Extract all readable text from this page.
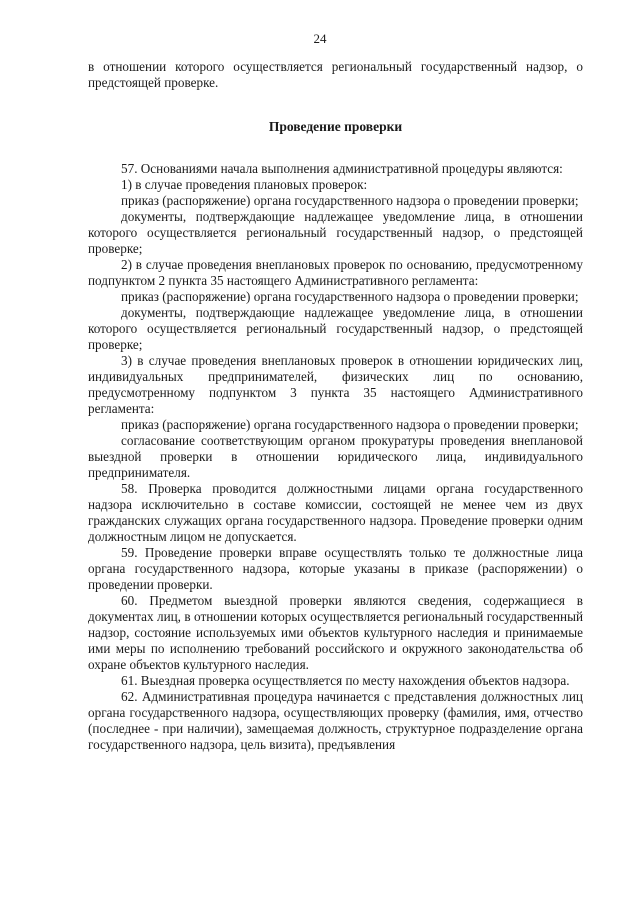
24

в отношении которого осуществляется региональный государственный надзор, о предстоящей проверке.

Проведение проверки

57. Основаниями начала выполнения административной процедуры являются:

1) в случае проведения плановых проверок:

приказ (распоряжение) органа государственного надзора о проведении проверки;

документы, подтверждающие надлежащее уведомление лица, в отношении которого осуществляется региональный государственный надзор, о предстоящей проверке;

2) в случае проведения внеплановых проверок по основанию, предусмотренному подпунктом 2 пункта 35 настоящего Административного регламента:

приказ (распоряжение) органа государственного надзора о проведении проверки;

документы, подтверждающие надлежащее уведомление лица, в отношении которого осуществляется региональный государственный надзор, о предстоящей проверке;

3) в случае проведения внеплановых проверок в отношении юридических лиц, индивидуальных предпринимателей, физических лиц по основанию, предусмотренному подпунктом 3 пункта 35 настоящего Административного регламента:

приказ (распоряжение) органа государственного надзора о проведении проверки;

согласование соответствующим органом прокуратуры проведения внеплановой выездной проверки в отношении юридического лица, индивидуального предпринимателя.

58. Проверка проводится должностными лицами органа государственного надзора исключительно в составе комиссии, состоящей не менее чем из двух гражданских служащих органа государственного надзора. Проведение проверки одним должностным лицом не допускается.

59. Проведение проверки вправе осуществлять только те должностные лица органа государственного надзора, которые указаны в приказе (распоряжении) о проведении проверки.

60. Предметом выездной проверки являются сведения, содержащиеся в документах лиц, в отношении которых осуществляется региональный государственный надзор, состояние используемых ими объектов культурного наследия и принимаемые ими меры по исполнению требований российского и окружного законодательства об охране объектов культурного наследия.

61. Выездная проверка осуществляется по месту нахождения объектов надзора.

62. Административная процедура начинается с представления должностных лиц органа государственного надзора, осуществляющих проверку (фамилия, имя, отчество (последнее - при наличии), замещаемая должность, структурное подразделение органа государственного надзора, цель визита), предъявления
